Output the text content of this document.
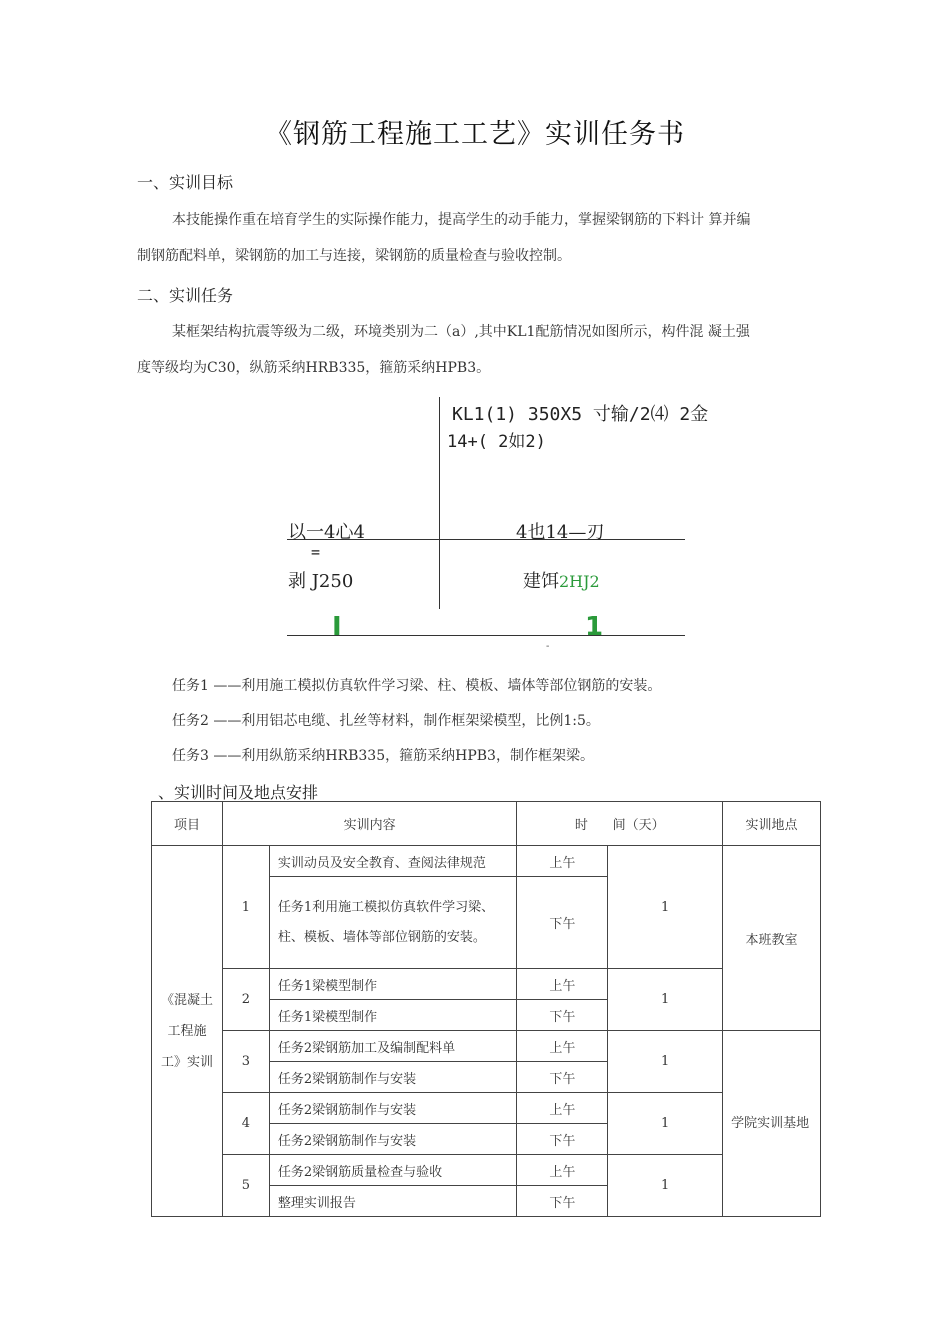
《钢筋工程施工工艺》实训任务书
一、实训目标
本技能操作重在培育学生的实际操作能力，提高学生的动手能力，掌握梁钢筋的下料计 算并编
制钢筋配料单，梁钢筋的加工与连接，梁钢筋的质量检查与验收控制。
二、实训任务
某框架结构抗震等级为二级，环境类别为二（a）,其中KL1配筋情况如图所示，构件混 凝土强
度等级均为C30，纵筋采纳HRB335，箍筋采纳HPB3。
KL1(1) 350X5 寸输/2⑷ 2金
14+( 2如2)
以一4心4
=
剥 J250
4也14—刃
建饵2HJ2
I	1
-
任务1 ——利用施工模拟仿真软件学习梁、柱、模板、墙体等部位钢筋的安装。
任务2 ——利用铝芯电缆、扎丝等材料，制作框架梁模型，比例1:5。
任务3 ——利用纵筋采纳HRB335，箍筋采纳HPB3，制作框架梁。
、实训时间及地点安排
项目	实训内容		时      间（天）		实训地点
《混凝土工程施工》实训	1	实训动员及安全教育、查阅法律规范	上午	1	本班教室
		任务1利用施工模拟仿真软件学习梁、柱、模板、墙体等部位钢筋的安装。	下午		
	2	任务1梁模型制作	上午	1	
		任务1梁模型制作	下午		
	3	任务2梁钢筋加工及编制配料单	上午	1	学院实训基地
		任务2梁钢筋制作与安装	下午		
	4	任务2梁钢筋制作与安装	上午	1	
		任务2梁钢筋制作与安装	下午		
	5	任务2梁钢筋质量检查与验收	上午	1	
		整理实训报告	下午		
